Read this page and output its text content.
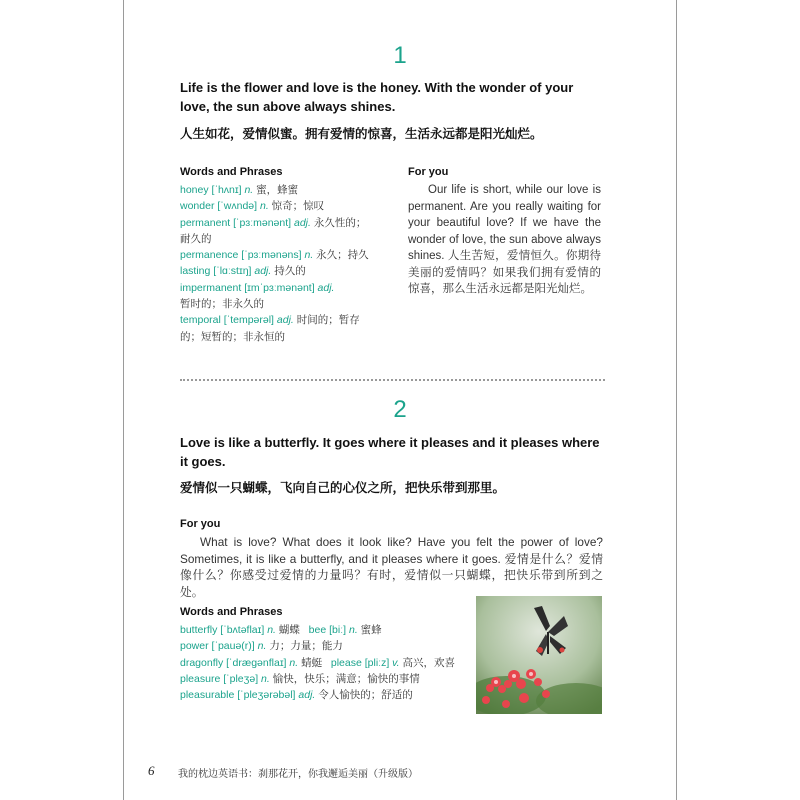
1
Life is the flower and love is the honey. With the wonder of your love, the sun above always shines.
人生如花，爱情似蜜。拥有爱情的惊喜，生活永远都是阳光灿烂。
Words and Phrases
honey [ˈhʌnɪ] n. 蜜，蜂蜜
wonder [ˈwʌndə] n. 惊奇；惊叹
permanent [ˈpɜːmənənt] adj. 永久性的；
耐久的
permanence [ˈpɜːmənəns] n. 永久；持久
lasting [ˈlɑːstɪŋ] adj. 持久的
impermanent [ɪmˈpɜːmənənt] adj.
暂时的；非永久的
temporal [ˈtempərəl] adj. 时间的；暂存
的；短暂的；非永恒的
For you
Our life is short, while our love is permanent. Are you really waiting for your beautiful love? If we have the wonder of love, the sun above always shines. 人生苦短，爱情恒久。你期待美丽的爱情吗？如果我们拥有爱情的惊喜，那么生活永远都是阳光灿烂。
2
Love is like a butterfly. It goes where it pleases and it pleases where it goes.
爱情似一只蝴蝶，飞向自己的心仪之所，把快乐带到那里。
For you
What is love? What does it look like? Have you felt the power of love? Sometimes, it is like a butterfly, and it pleases where it goes. 爱情是什么？爱情像什么？你感受过爱情的力量吗？有时，爱情似一只蝴蝶，把快乐带到所到之处。
Words and Phrases
butterfly [ˈbʌtəflaɪ] n. 蝴蝶 bee [biː] n. 蜜蜂
power [ˈpauə(r)] n. 力；力量；能力
dragonfly [ˈdrægənflaɪ] n. 蜻蜓 please [pliːz] v. 高兴，欢喜
pleasure [ˈpleʒə] n. 愉快，快乐；满意；愉快的事情
pleasurable [ˈpleʒərəbəl] adj. 令人愉快的；舒适的
6 我的枕边英语书：刹那花开，你我邂逅美丽（升级版）
